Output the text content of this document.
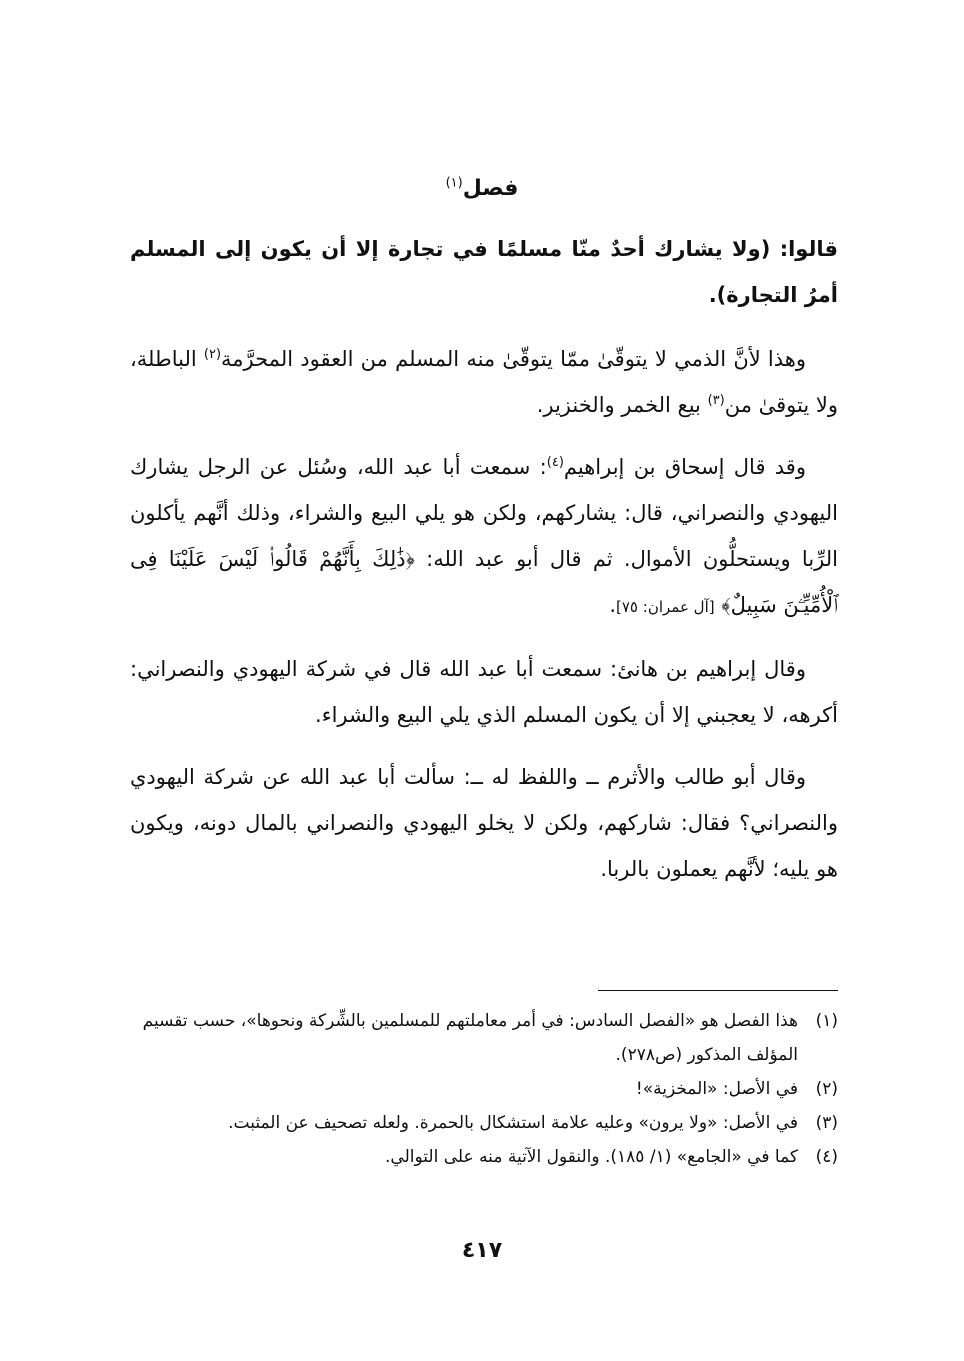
فصل$^{(١)}$

قالوا: (ولا يشارك أحدٌ منّا مسلمًا في تجارة إلا أن يكون إلى المسلم أمرُ التجارة).

وهذا لأنَّ الذمي لا يتوقّىٰ ممّا يتوقّىٰ منه المسلم من العقود المحرَّمة$^{(٢)}$ الباطلة، ولا يتوقىٰ من$^{(٣)}$ بيع الخمر والخنزير.

وقد قال إسحاق بن إبراهيم$^{(٤)}$: سمعت أبا عبد الله، وسُئل عن الرجل يشارك اليهودي والنصراني، قال: يشاركهم، ولكن هو يلي البيع والشراء، وذلك أنَّهم يأكلون الرِّبا ويستحلُّون الأموال. ثم قال أبو عبد الله: ﴿ذَٰلِكَ بِأَنَّهُمْ قَالُوا۟ لَيْسَ عَلَيْنَا فِى ٱلْأُمِّيِّـۧنَ سَبِيلٌ﴾ [آل عمران: ٧٥].

وقال إبراهيم بن هانئ: سمعت أبا عبد الله قال في شركة اليهودي والنصراني: أكرهه، لا يعجبني إلا أن يكون المسلم الذي يلي البيع والشراء.

وقال أبو طالب والأثرم ــ واللفظ له ــ: سألت أبا عبد الله عن شركة اليهودي والنصراني؟ فقال: شاركهم، ولكن لا يخلو اليهودي والنصراني بالمال دونه، ويكون هو يليه؛ لأنَّهم يعملون بالربا.

(١)
هذا الفصل هو «الفصل السادس: في أمر معاملتهم للمسلمين بالشِّركة ونحوها»، حسب تقسيم المؤلف المذكور (ص٢٧٨).

(٢)
في الأصل: «المخزية»!

(٣)
في الأصل: «ولا يرون» وعليه علامة استشكال بالحمرة. ولعله تصحيف عن المثبت.

(٤)
كما في «الجامع» (١/ ١٨٥). والنقول الآتية منه على التوالي.

٤١٧
